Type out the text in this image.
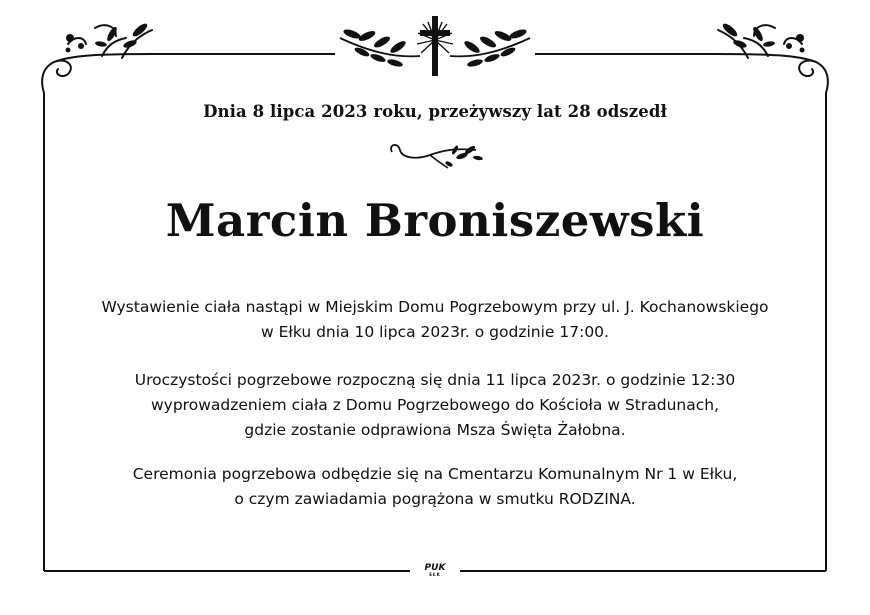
Dnia 8 lipca 2023 roku, przeżywszy lat 28 odszedł
Marcin Broniszewski
Wystawienie ciała nastąpi w Miejskim Domu Pogrzebowym przy ul. J. Kochanowskiego
w Ełku dnia 10 lipca 2023r. o godzinie 17:00.
Uroczystości pogrzebowe rozpoczną się dnia 11 lipca 2023r. o godzinie 12:30
wyprowadzeniem ciała z Domu Pogrzebowego do Kościoła w Stradunach,
gdzie zostanie odprawiona Msza Święta Żałobna.
Ceremonia pogrzebowa odbędzie się na Cmentarzu Komunalnym Nr 1 w Ełku,
o czym zawiadamia pogrążona w smutku RODZINA.
PUK
EŁK
